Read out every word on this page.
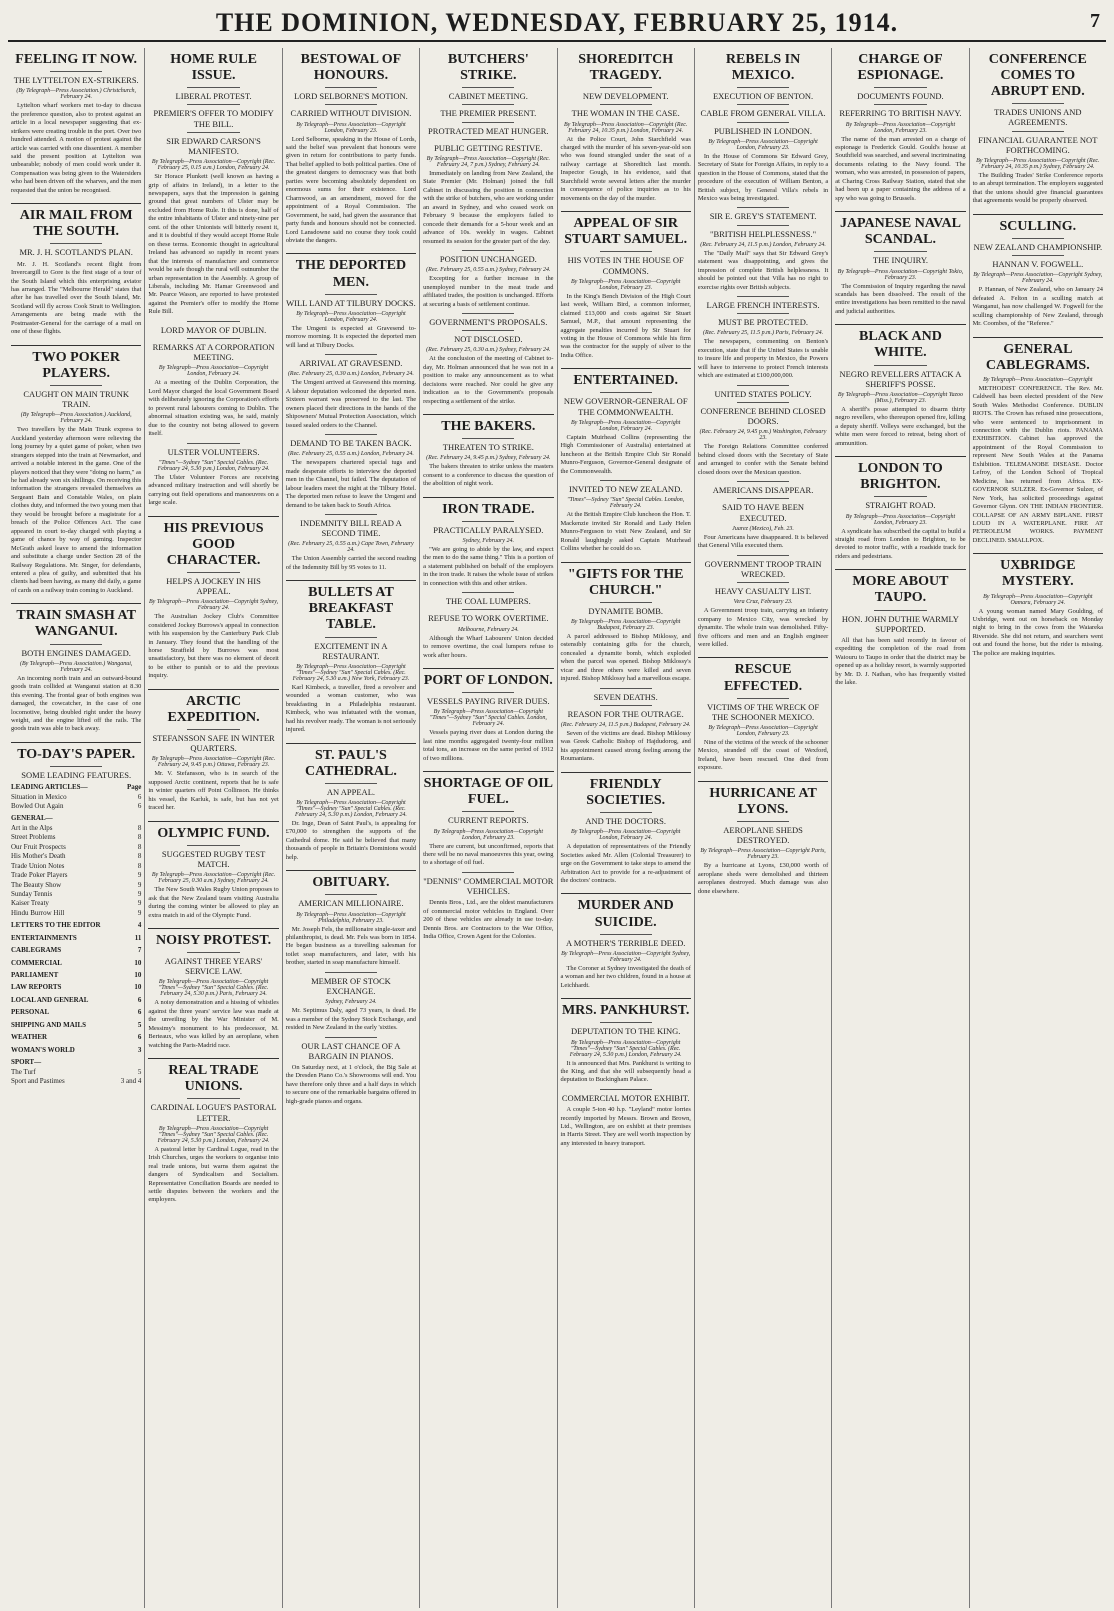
THE DOMINION, WEDNESDAY, FEBRUARY 25, 1914.	7
FEELING IT NOW.
THE LYTTELTON EX-STRIKERS.
(By Telegraph—Press Association.) Christchurch, February 24.

Lyttelton wharf workers met to-day to discuss the preference question, also to protest against an article in a local newspaper suggesting that ex-strikers were creating trouble in the port. Over two hundred attended. A motion of protest against the article was carried with one dissentient. A member said the present position at Lyttelton was unbearable; nobody of men could work under it. Compensation was being given to the Watersiders who had been driven off the wharves, and the men requested that the union be recognised.

AIR MAIL FROM THE SOUTH.
MR. J. H. SCOTLAND'S PLAN.

Mr. J. H. Scotland's recent flight from Invercargill to Gore is the first stage of a tour of the South Island which this enterprising aviator has arranged. The "Melbourne Herald" states that after he has travelled over the South Island, Mr. Scotland will fly across Cook Strait to Wellington. Arrangements are being made with the Postmaster-General for the carriage of a mail on one of these flights.

TWO POKER PLAYERS.
CAUGHT ON MAIN TRUNK TRAIN.
(By Telegraph—Press Association.) Auckland, February 24.

Two travellers by the Main Trunk express to Auckland yesterday afternoon were relieving the long journey by a quiet game of poker, when two strangers stepped into the train at Newmarket, and arrived a notable interest in the game. One of the players noticed that they were "doing no harm," as he had already won six shillings. On receiving this information the strangers revealed themselves as Sergeant Bain and Constable Wales, on plain clothes duty, and informed the two young men that they would be brought before a magistrate for a breach of the Police Offences Act. The case appeared in court to-day charged with playing a game of chance by way of gaming. Inspector McGrath asked leave to amend the information and substitute a charge under Section 28 of the Railway Regulations. Mr. Singer, for defendants, entered a plea of guilty, and submitted that his clients had been having, as many did daily, a game of cards on a railway train coming to Auckland.

TRAIN SMASH AT WANGANUI.
BOTH ENGINES DAMAGED.
(By Telegraph—Press Association.) Wanganui, February 24.

An incoming north train and an outward-bound goods train collided at Wanganui station at 8.30 this evening. The frontal gear of both engines was damaged, the cowcatcher, in the case of one locomotive, being doubled right under the heavy weight, and the engine lifted off the rails. The goods train was able to back away.

TO-DAY'S PAPER.
SOME LEADING FEATURES.
LEADING ARTICLES—	Page
Situation in Mexico	6
Bowled Out Again	6
GENERAL—
Art in the Alps	8
Street Problems	8
Our Fruit Prospects	8
His Mother's Death	8
Trade Union Notes	8
Trade Poker Players	9
The Beauty Show	9
Sunday Tennis	9
Kaiser Treaty	9
Hindu Burrow Hill	9
LETTERS TO THE EDITOR	4
ENTERTAINMENTS	11
CABLEGRAMS	7
COMMERCIAL	10
PARLIAMENT	10
LAW REPORTS	10
LOCAL AND GENERAL	6
PERSONAL	6
SHIPPING AND MAILS	5
WEATHER	6
WOMAN'S WORLD	3
SPORT—
The Turf	5
Sport and Pastimes	3 and 4
HOME RULE ISSUE.
LIBERAL PROTEST.
PREMIER'S OFFER TO MODIFY THE BILL.
SIR EDWARD CARSON'S MANIFESTO.
By Telegraph—Press Association—Copyright (Rec. February 25, 0.15 a.m.) London, February 24.

Sir Horace Plunkett (well known as having a grip of affairs in Ireland), in a letter to the newspapers, says that the impression is gaining ground that great numbers of Ulster may be excluded from Home Rule. It this is done, half of the entire inhabitants of Ulster and ninety-nine per cent. of the other Unionists will bitterly resent it, and it is doubtful if they would accept Home Rule on these terms. Economic thought in agricultural Ireland has advanced so rapidly in recent years that the interests of manufacture and commerce would be safe though the rural will outnumber the urban representation in the Assembly. A group of Liberals, including Mr. Hamar Greenwood and Mr. Pearce Wason, are reported to have protested against the Premier's offer to modify the Home Rule Bill.

LORD MAYOR OF DUBLIN.
REMARKS AT A CORPORATION MEETING.
By Telegraph—Press Association—Copyright London, February 24.

At a meeting of the Dublin Corporation, the Lord Mayor charged the local Government Board with deliberately ignoring the Corporation's efforts to prevent rural labourers coming to Dublin. The abnormal situation existing was, he said, mainly due to the country not being allowed to govern itself.

ULSTER VOLUNTEERS.
"Times"—Sydney "Sun" Special Cables. (Rec. February 24, 5.30 p.m.) London, February 24.

The Ulster Volunteer Forces are receiving advanced military instruction and will shortly be carrying out field operations and manoeuvres on a large scale.

HIS PREVIOUS GOOD CHARACTER.
HELPS A JOCKEY IN HIS APPEAL.
By Telegraph—Press Association—Copyright Sydney, February 24.

The Australian Jockey Club's Committee considered Jockey Burrows's appeal in connection with his suspension by the Canterbury Park Club in January. They found that the handling of the horse Stratfield by Burrows was most unsatisfactory, but there was no element of deceit to be either to punish or to aid the previous inquiry.

ARCTIC EXPEDITION.
STEFANSSON SAFE IN WINTER QUARTERS.
By Telegraph—Press Association—Copyright (Rec. February 24, 9.45 p.m.) Ottawa, February 23.

Mr. V. Stefansson, who is in search of the supposed Arctic continent, reports that he is safe in winter quarters off Point Collinson. He thinks his vessel, the Karluk, is safe, but has not yet traced her.

OLYMPIC FUND.
SUGGESTED RUGBY TEST MATCH.
By Telegraph—Press Association—Copyright (Rec. February 25, 0.30 a.m.) Sydney, February 24.

The New South Wales Rugby Union proposes to ask that the New Zealand team visiting Australia during the coming winter be allowed to play an extra match in aid of the Olympic Fund.

NOISY PROTEST.
AGAINST THREE YEARS' SERVICE LAW.
By Telegraph—Press Association—Copyright "Times"—Sydney "Sun" Special Cables. (Rec. February 24, 5.30 p.m.) Paris, February 24.

A noisy demonstration and a hissing of whistles against the three years' service law was made at the unveiling by the War Minister of M. Messimy's monument to his predecessor, M. Berteaux, who was killed by an aeroplane, when watching the Paris-Madrid race.

REAL TRADE UNIONS.
CARDINAL LOGUE'S PASTORAL LETTER.
By Telegraph—Press Association—Copyright "Times"—Sydney "Sun" Special Cables. (Rec. February 24, 5.30 p.m.) London, February 24.

A pastoral letter by Cardinal Logue, read in the Irish Churches, urges the workers to organise into real trade unions, but warns them against the dangers of Syndicalism and Socialism. Representative Conciliation Boards are needed to settle disputes between the workers and the employers.

BESTOWAL OF HONOURS.
LORD SELBORNE'S MOTION.
CARRIED WITHOUT DIVISION.
By Telegraph—Press Association—Copyright London, February 23.

Lord Selborne, speaking in the House of Lords, said the belief was prevalent that honours were given in return for contributions to party funds. That belief applied to both political parties. One of the greatest dangers to democracy was that both parties were becoming absolutely dependent on enormous sums for their existence. Lord Charnwood, as an amendment, moved for the appointment of a Royal Commission. The Government, he said, had given the assurance that party funds and honours should not be connected. Lord Lansdowne said no course they took could obviate the dangers.

THE DEPORTED MEN.
WILL LAND AT TILBURY DOCKS.
By Telegraph—Press Association—Copyright London, February 24.

The Umgeni is expected at Gravesend to-morrow morning. It is expected the deported men will land at Tilbury Docks.

ARRIVAL AT GRAVESEND.
(Rec. February 25, 0.30 a.m.) London, February 24.

The Umgeni arrived at Gravesend this morning. A labour deputation welcomed the deported men. Sixteen warrant was preserved to the last. The owners placed their directions in the hands of the Shipowners' Mutual Protection Association, which issued sealed orders to the Channel.

DEMAND TO BE TAKEN BACK.
(Rec. February 25, 0.55 a.m.) London, February 24.

The newspapers chartered special tugs and made desperate efforts to interview the deported men in the Channel, but failed. The deputation of labour leaders meet the night at the Tilbury Hotel. The deported men refuse to leave the Umgeni and demand to be taken back to South Africa.

INDEMNITY BILL READ A SECOND TIME.
(Rec. February 25, 0.55 a.m.) Cape Town, February 24.

The Union Assembly carried the second reading of the Indemnity Bill by 95 votes to 11.

BULLETS AT BREAKFAST TABLE.
EXCITEMENT IN A RESTAURANT.
By Telegraph—Press Association—Copyright "Times"—Sydney "Sun" Special Cables. (Rec. February 24, 5.30 a.m.) New York, February 23.

Karl Kimbeck, a traveller, fired a revolver and wounded a woman customer, who was breakfasting in a Philadelphia restaurant. Kimbeck, who was infatuated with the woman, had his revolver ready. The woman is not seriously injured.

ST. PAUL'S CATHEDRAL.
AN APPEAL.
By Telegraph—Press Association—Copyright "Times"—Sydney "Sun" Special Cables. (Rec. February 24, 5.30 p.m.) London, February 24.

Dr. Inge, Dean of Saint Paul's, is appealing for £70,000 to strengthen the supports of the Cathedral dome. He said he believed that many thousands of people in Britain's Dominions would help.

OBITUARY.
AMERICAN MILLIONAIRE.
By Telegraph—Press Association—Copyright Philadelphia, February 23.

Mr. Joseph Fels, the millionaire single-taxer and philanthropist, is dead. Mr. Fels was born in 1854. He began business as a travelling salesman for toilet soap manufacturers, and later, with his brother, started in soap manufacture himself.

MEMBER OF STOCK EXCHANGE.
Sydney, February 24.

Mr. Septimus Daly, aged 73 years, is dead. He was a member of the Sydney Stock Exchange, and resided in New Zealand in the early 'sixties.

OUR LAST CHANCE OF A BARGAIN IN PIANOS.

On Saturday next, at 1 o'clock, the Big Sale at the Dresden Piano Co.'s Showrooms will end. You have therefore only three and a half days in which to secure one of the remarkable bargains offered in high-grade pianos and organs.

BUTCHERS' STRIKE.
CABINET MEETING.
THE PREMIER PRESENT.
PROTRACTED MEAT HUNGER.
PUBLIC GETTING RESTIVE.
By Telegraph—Press Association—Copyright (Rec. February 24, 7 p.m.) Sydney, February 24.

Immediately on landing from New Zealand, the State Premier (Mr. Holman) joined the full Cabinet in discussing the position in connection with the strike of butchers, who are working under an award in Sydney, and who ceased work on February 9 because the employers failed to concede their demands for a 5-hour week and an advance of 10s. weekly in wages. Cabinet resumed its session for the greater part of the day.

POSITION UNCHANGED.
(Rec. February 25, 0.55 a.m.) Sydney, February 24.

Excepting for a further increase in the unemployed number in the meat trade and affiliated trades, the position is unchanged. Efforts at securing a basis of settlement continue.

GOVERNMENT'S PROPOSALS.
NOT DISCLOSED.
(Rec. February 25, 0.30 a.m.) Sydney, February 24.

At the conclusion of the meeting of Cabinet to-day, Mr. Holman announced that he was not in a position to make any announcement as to what decisions were reached. Nor could he give any indication as to the Government's proposals respecting a settlement of the strike.

THE BAKERS.
THREATEN TO STRIKE.
(Rec. February 24, 9.45 p.m.) Sydney, February 24.

The bakers threaten to strike unless the masters consent to a conference to discuss the question of the abolition of night work.

IRON TRADE.
PRACTICALLY PARALYSED.
Sydney, February 24.

"We are going to abide by the law, and expect the men to do the same thing." This is a portion of a statement published on behalf of the employers in the iron trade. It raises the whole issue of strikes in connection with this and other strikes.

THE COAL LUMPERS.
REFUSE TO WORK OVERTIME.
Melbourne, February 24.

Although the Wharf Labourers' Union decided to remove overtime, the coal lumpers refuse to work after hours.

PORT OF LONDON.
VESSELS PAYING RIVER DUES.
By Telegraph—Press Association—Copyright "Times"—Sydney "Sun" Special Cables. London, February 24.

Vessels paying river dues at London during the last nine months aggregated twenty-four million total tons, an increase on the same period of 1912 of two millions.

SHORTAGE OF OIL FUEL.
CURRENT REPORTS.
By Telegraph—Press Association—Copyright London, February 23.

There are current, but unconfirmed, reports that there will be no naval manoeuvres this year, owing to a shortage of oil fuel.

"DENNIS" COMMERCIAL MOTOR VEHICLES.

Dennis Bros., Ltd., are the oldest manufacturers of commercial motor vehicles in England. Over 200 of these vehicles are already in use to-day. Dennis Bros. are Contractors to the War Office, India Office, Crown Agent for the Colonies.

SHOREDITCH TRAGEDY.
NEW DEVELOPMENT.
THE WOMAN IN THE CASE.
By Telegraph—Press Association—Copyright (Rec. February 24, 10.35 p.m.) London, February 24.

At the Police Court, John Starchfield was charged with the murder of his seven-year-old son who was found strangled under the seat of a railway carriage at Shoreditch last month. Inspector Gough, in his evidence, said that Starchfield wrote several letters after the murder in consequence of police inquiries as to his movements on the day of the murder.

APPEAL OF SIR STUART SAMUEL.
HIS VOTES IN THE HOUSE OF COMMONS.
By Telegraph—Press Association—Copyright London, February 23.

In the King's Bench Division of the High Court last week, William Bird, a common informer, claimed £13,000 and costs against Sir Stuart Samuel, M.P., that amount representing the aggregate penalties incurred by Sir Stuart for voting in the House of Commons while his firm was the contractor for the supply of silver to the India Office.

ENTERTAINED.
NEW GOVERNOR-GENERAL OF THE COMMONWEALTH.
By Telegraph—Press Association—Copyright London, February 24.

Captain Muirhead Collins (representing the High Commissioner of Australia) entertained at luncheon at the British Empire Club Sir Ronald Munro-Ferguson, Governor-General designate of the Commonwealth.

INVITED TO NEW ZEALAND.
"Times"—Sydney "Sun" Special Cables. London, February 24.

At the British Empire Club luncheon the Hon. T. Mackenzie invited Sir Ronald and Lady Helen Munro-Ferguson to visit New Zealand, and Sir Ronald laughingly asked Captain Muirhead Collins whether he could do so.

"GIFTS FOR THE CHURCH."
DYNAMITE BOMB.
By Telegraph—Press Association—Copyright Budapest, February 23.

A parcel addressed to Bishop Miklossy, and ostensibly containing gifts for the church, concealed a dynamite bomb, which exploded when the parcel was opened. Bishop Miklossy's vicar and three others were killed and seven injured. Bishop Miklossy had a marvellous escape.

SEVEN DEATHS.
REASON FOR THE OUTRAGE.
(Rec. February 24, 11.5 p.m.) Budapest, February 24.

Seven of the victims are dead. Bishop Miklossy was Greek Catholic Bishop of Hajdudorog, and his appointment caused strong feeling among the Roumanians.

FRIENDLY SOCIETIES.
AND THE DOCTORS.
By Telegraph—Press Association—Copyright London, February 24.

A deputation of representatives of the Friendly Societies asked Mr. Allen (Colonial Treasurer) to urge on the Government to take steps to amend the Arbitration Act to provide for a re-adjustment of the doctors' contracts.

MURDER AND SUICIDE.
A MOTHER'S TERRIBLE DEED.
By Telegraph—Press Association—Copyright Sydney, February 24.

The Coroner at Sydney investigated the death of a woman and her two children, found in a house at Leichhardt.

MRS. PANKHURST.
DEPUTATION TO THE KING.
By Telegraph—Press Association—Copyright "Times"—Sydney "Sun" Special Cables. (Rec. February 24, 5.30 p.m.) London, February 24.

It is announced that Mrs. Pankhurst is writing to the King, and that she will subsequently head a deputation to Buckingham Palace.

COMMERCIAL MOTOR EXHIBIT.

A couple 5-ton 40 h.p. "Leyland" motor lorries recently imported by Messrs. Brown and Brown, Ltd., Wellington, are on exhibit at their premises in Harris Street. They are well worth inspection by any interested in heavy transport.

REBELS IN MEXICO.
EXECUTION OF BENTON.
CABLE FROM GENERAL VILLA.
PUBLISHED IN LONDON.
By Telegraph—Press Association—Copyright London, February 23.

In the House of Commons Sir Edward Grey, Secretary of State for Foreign Affairs, in reply to a question in the House of Commons, stated that the procedure of the execution of William Benton, a British subject, by General Villa's rebels in Mexico was being investigated.

SIR E. GREY'S STATEMENT.
"BRITISH HELPLESSNESS."
(Rec. February 24, 11.5 p.m.) London, February 24.

The "Daily Mail" says that Sir Edward Grey's statement was disappointing, and gives the impression of complete British helplessness. It should be pointed out that Villa has no right to exercise rights over British subjects.

LARGE FRENCH INTERESTS.
MUST BE PROTECTED.
(Rec. February 25, 11.5 p.m.) Paris, February 24.

The newspapers, commenting on Benton's execution, state that if the United States is unable to insure life and property in Mexico, the Powers will have to intervene to protect French interests which are estimated at £100,000,000.

UNITED STATES POLICY.
CONFERENCE BEHIND CLOSED DOORS.
(Rec. February 24, 9.45 p.m.) Washington, February 23.

The Foreign Relations Committee conferred behind closed doors with the Secretary of State and arranged to confer with the Senate behind closed doors over the Mexican question.

AMERICANS DISAPPEAR.
SAID TO HAVE BEEN EXECUTED.
Juarez (Mexico), Feb. 23.

Four Americans have disappeared. It is believed that General Villa executed them.

GOVERNMENT TROOP TRAIN WRECKED.
HEAVY CASUALTY LIST.
Vera Cruz, February 23.

A Government troop train, carrying an infantry company to Mexico City, was wrecked by dynamite. The whole train was demolished. Fifty-five officers and men and an English engineer were killed.

RESCUE EFFECTED.
VICTIMS OF THE WRECK OF THE SCHOONER MEXICO.
By Telegraph—Press Association—Copyright London, February 23.

Nine of the victims of the wreck of the schooner Mexico, stranded off the coast of Wexford, Ireland, have been rescued. One died from exposure.

HURRICANE AT LYONS.
AEROPLANE SHEDS DESTROYED.
By Telegraph—Press Association—Copyright Paris, February 23.

By a hurricane at Lyons, £30,000 worth of aeroplane sheds were demolished and thirteen aeroplanes destroyed. Much damage was also done elsewhere.

CHARGE OF ESPIONAGE.
DOCUMENTS FOUND.
REFERRING TO BRITISH NAVY.
By Telegraph—Press Association—Copyright London, February 23.

The name of the man arrested on a charge of espionage is Frederick Gould. Gould's house at Southfield was searched, and several incriminating documents relating to the Navy found. The woman, who was arrested, in possession of papers, at Charing Cross Railway Station, stated that she had been up a paper containing the address of a spy who was going to Brussels.

JAPANESE NAVAL SCANDAL.
THE INQUIRY.
By Telegraph—Press Association—Copyright Tokio, February 23.

The Commission of Inquiry regarding the naval scandals has been dissolved. The result of the entire investigations has been remitted to the naval and judicial authorities.

BLACK AND WHITE.
NEGRO REVELLERS ATTACK A SHERIFF'S POSSE.
By Telegraph—Press Association—Copyright Yazoo (Miss.), February 23.

A sheriff's posse attempted to disarm thirty negro revellers, who thereupon opened fire, killing a deputy sheriff. Volleys were exchanged, but the white men were forced to retreat, being short of ammunition.

LONDON TO BRIGHTON.
STRAIGHT ROAD.
By Telegraph—Press Association—Copyright London, February 23.

A syndicate has subscribed the capital to build a straight road from London to Brighton, to be devoted to motor traffic, with a roadside track for riders and pedestrians.

MORE ABOUT TAUPO.
HON. JOHN DUTHIE WARMLY SUPPORTED.

All that has been said recently in favour of expediting the completion of the road from Waiouru to Taupo in order that the district may be opened up as a holiday resort, is warmly supported by Mr. D. J. Nathan, who has frequently visited the lake.

CONFERENCE COMES TO ABRUPT END.
TRADES UNIONS AND AGREEMENTS.
FINANCIAL GUARANTEE NOT FORTHCOMING.
By Telegraph—Press Association—Copyright (Rec. February 24, 10.35 p.m.) Sydney, February 24.

The Building Trades' Strike Conference reports to an abrupt termination. The employers suggested that the unions should give financial guarantees that agreements would be properly observed.

SCULLING.
NEW ZEALAND CHAMPIONSHIP.
HANNAN V. FOGWELL.
By Telegraph—Press Association—Copyright Sydney, February 24.

P. Hannan, of New Zealand, who on January 24 defeated A. Felton in a sculling match at Wanganui, has now challenged W. Fogwell for the sculling championship of New Zealand, through Mr. Coombes, of the "Referee."

GENERAL CABLEGRAMS.
By Telegraph—Press Association—Copyright

METHODIST CONFERENCE. The Rev. Mr. Caldwell has been elected president of the New South Wales Methodist Conference. DUBLIN RIOTS. The Crown has refused nine prosecutions, who were sentenced to imprisonment in connection with the Dublin riots. PANAMA EXHIBITION. Cabinet has approved the appointment of the Royal Commission to represent New South Wales at the Panama Exhibition. TELEMANOBE DISEASE. Doctor Lefroy, of the London School of Tropical Medicine, has returned from Africa. EX-GOVERNOR SULZER. Ex-Governor Sulzer, of New York, has solicited proceedings against Governor Glynn. ON THE INDIAN FRONTIER. COLLAPSE OF AN ARMY BIPLANE. FIRST LOUD IN A WATERPLANE. FIRE AT PETROLEUM WORKS. PAYMENT DECLINED. SMALLPOX.

UXBRIDGE MYSTERY.
By Telegraph—Press Association—Copyright Oamaru, February 24.

A young woman named Mary Goulding, of Uxbridge, went out on horseback on Monday night to bring in the cows from the Waiareka Riverside. She did not return, and searchers went out and found the horse, but the rider is missing. The police are making inquiries.
